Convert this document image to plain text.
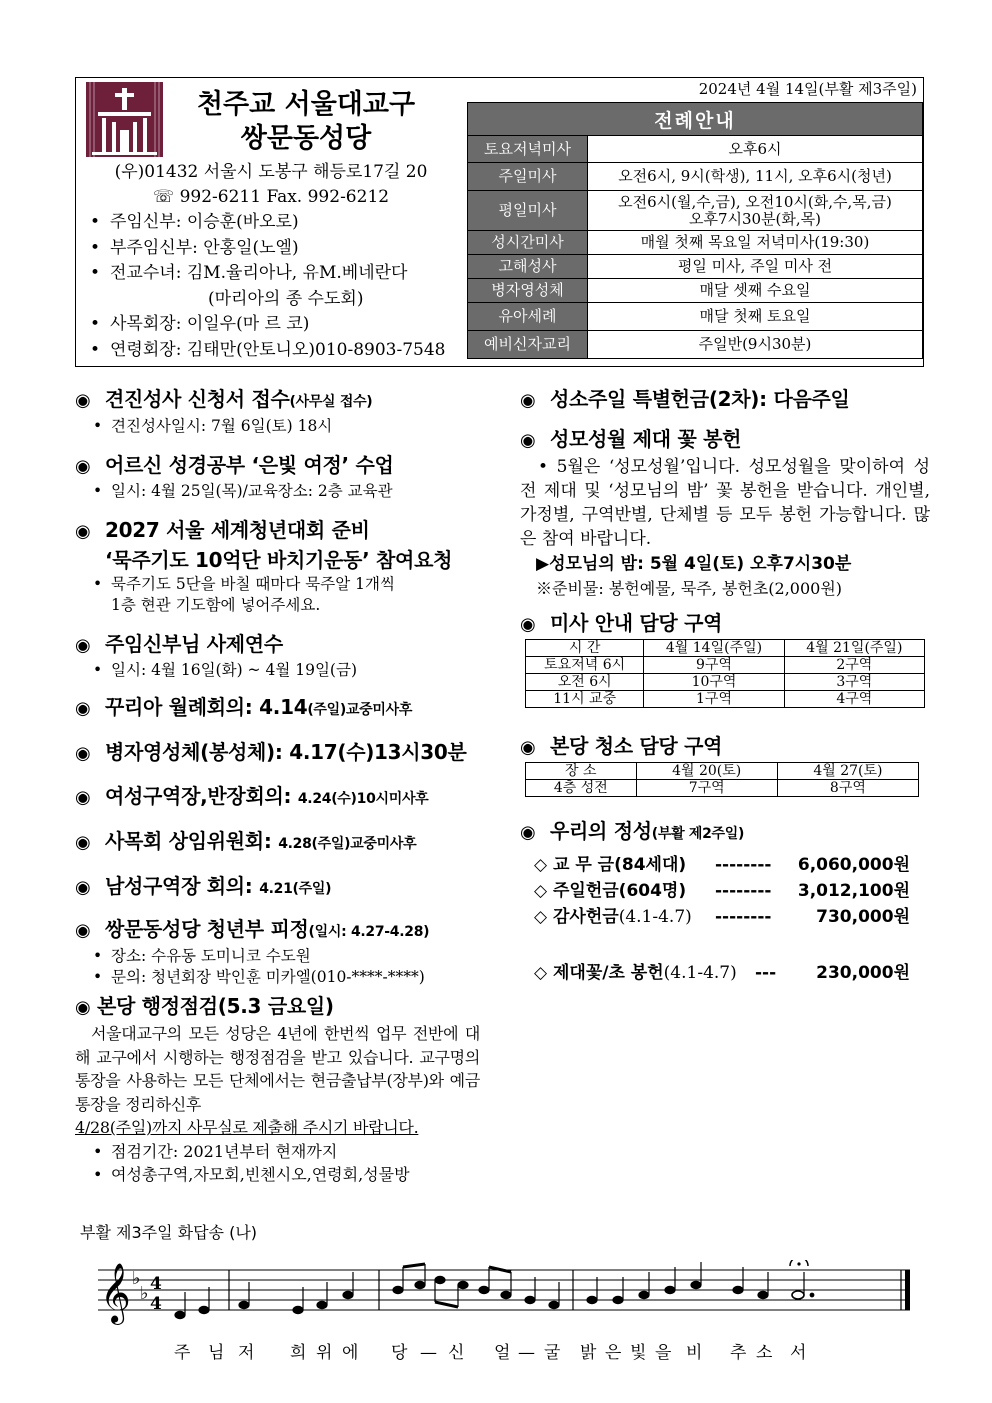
천주교 서울대교구
쌍문동성당
(우)01432 서울시 도봉구 해등로17길 20
☏ 992-6211 Fax. 992-6212
• 주임신부: 이승훈(바오로)
• 부주임신부: 안홍일(노엘)
• 전교수녀: 김M.율리아나, 유M.베네란다
(마리아의 종 수도회)
• 사목회장: 이일우(마 르 코)
• 연령회장: 김태만(안토니오)010-8903-7548
2024년 4월 14일(부활 제3주일)
전례안내	
토요저녁미사	오후6시
주일미사	오전6시, 9시(학생), 11시, 오후6시(청년)
평일미사	오전6시(월,수,금), 오전10시(화,수,목,금)
오후7시30분(화,목)

성시간미사	매월 첫째 목요일 저녁미사(19:30)
고해성사	평일 미사, 주일 미사 전
병자영성체	매달 셋째 수요일
유아세례	매달 첫째 토요일
예비신자교리	주일반(9시30분)
◉ 견진성사 신청서 접수(사무실 접수)
• 견진성사일시: 7월 6일(토) 18시
◉ 어르신 성경공부 ‘은빛 여정’ 수업
• 일시: 4월 25일(목)/교육장소: 2층 교육관
◉ 2027 서울 세계청년대회 준비
‘묵주기도 10억단 바치기운동’ 참여요청
• 묵주기도 5단을 바칠 때마다 묵주알 1개씩
1층 현관 기도함에 넣어주세요.
◉ 주임신부님 사제연수
• 일시: 4월 16일(화) ~ 4월 19일(금)
◉ 꾸리아 월례회의: 4.14(주일)교중미사후
◉ 병자영성체(봉성체): 4.17(수)13시30분
◉ 여성구역장,반장회의: 4.24(수)10시미사후
◉ 사목회 상임위원회: 4.28(주일)교중미사후
◉ 남성구역장 회의: 4.21(주일)
◉ 쌍문동성당 청년부 피정(일시: 4.27-4.28)
• 장소: 수유동 도미니코 수도원
• 문의: 청년회장 박인훈 미카엘(010-****-****)
◉ 본당 행정점검(5.3 금요일)
서울대교구의 모든 성당은 4년에 한번씩 업무 전반에 대해 교구에서 시행하는 행정점검을 받고 있습니다. 교구명의 통장을 사용하는 모든 단체에서는 현금출납부(장부)와 예금통장을 정리하신후
4/28(주일)까지 사무실로 제출해 주시기 바랍니다.
• 점검기간: 2021년부터 현재까지
• 여성총구역,자모회,빈첸시오,연령회,성물방
◉ 성소주일 특별헌금(2차): 다음주일
◉ 성모성월 제대 꽃 봉헌
• 5월은 ‘성모성월’입니다. 성모성월을 맞이하여 성전 제대 및 ‘성모님의 밤’ 꽃 봉헌을 받습니다. 개인별, 가정별, 구역반별, 단체별 등 모두 봉헌 가능합니다. 많은 참여 바랍니다.
▶성모님의 밤: 5월 4일(토) 오후7시30분
※준비물: 봉헌예물, 묵주, 봉헌초(2,000원)
◉ 미사 안내 담당 구역
시 간	4월 14일(주일)	4월 21일(주일)
토요저녁 6시	9구역	2구역
오전 6시	10구역	3구역
11시 교중	1구역	4구역
◉ 본당 청소 담당 구역
장 소	4월 20(토)	4월 27(토)
4층 성전	7구역	8구역
◉ 우리의 정성(부활 제2주일)
◇ 교 무 금(84세대) -------- 6,060,000원
◇ 주일헌금(604명) -------- 3,012,100원
◇ 감사헌금(4.1-4.7) --------	730,000원
◇ 제대꽃/초 봉헌(4.1-4.7) --- 230,000원
부활 제3주일 화답송 (나)
𝄞 ♭
♭ 4
4
주 님 저 희 위 에 당 — 신 얼 — 굴 밝 은 빛 을 비 추 소 서
